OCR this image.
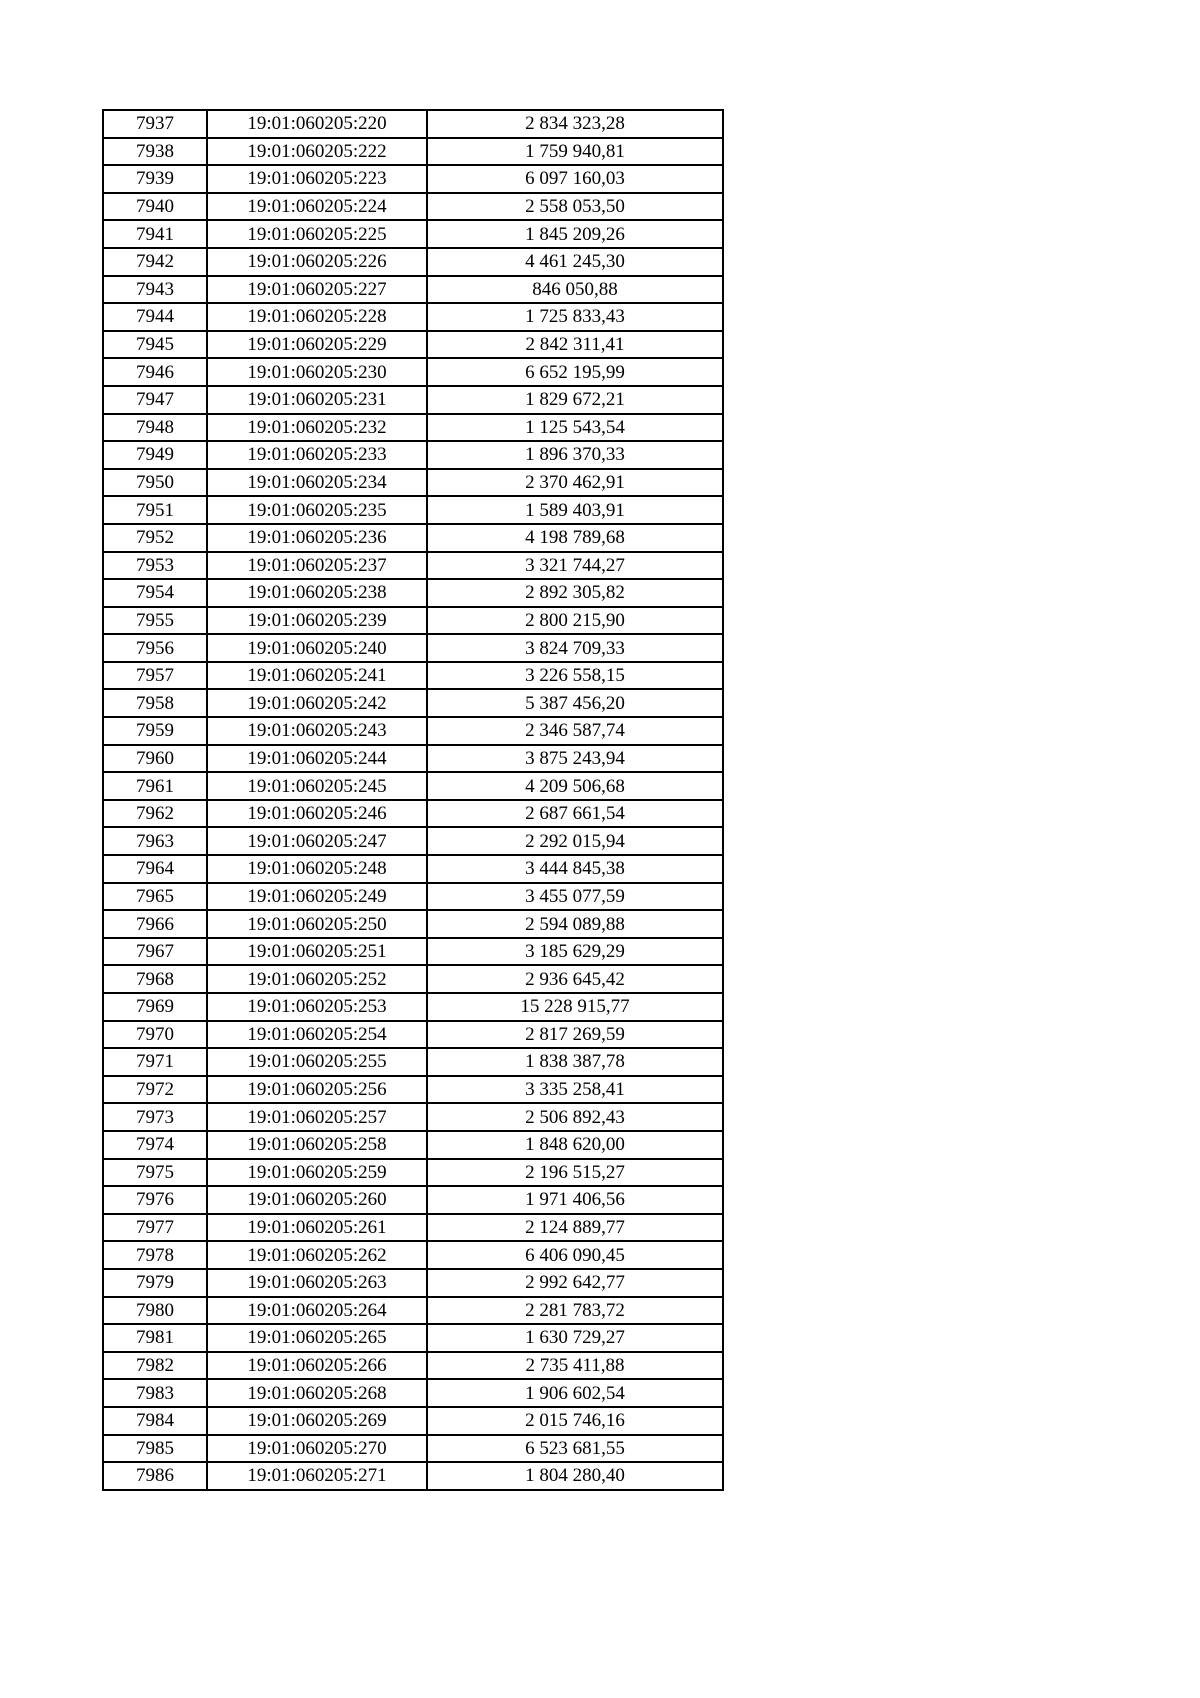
7937	19:01:060205:220	2 834 323,28
7938	19:01:060205:222	1 759 940,81
7939	19:01:060205:223	6 097 160,03
7940	19:01:060205:224	2 558 053,50
7941	19:01:060205:225	1 845 209,26
7942	19:01:060205:226	4 461 245,30
7943	19:01:060205:227	846 050,88
7944	19:01:060205:228	1 725 833,43
7945	19:01:060205:229	2 842 311,41
7946	19:01:060205:230	6 652 195,99
7947	19:01:060205:231	1 829 672,21
7948	19:01:060205:232	1 125 543,54
7949	19:01:060205:233	1 896 370,33
7950	19:01:060205:234	2 370 462,91
7951	19:01:060205:235	1 589 403,91
7952	19:01:060205:236	4 198 789,68
7953	19:01:060205:237	3 321 744,27
7954	19:01:060205:238	2 892 305,82
7955	19:01:060205:239	2 800 215,90
7956	19:01:060205:240	3 824 709,33
7957	19:01:060205:241	3 226 558,15
7958	19:01:060205:242	5 387 456,20
7959	19:01:060205:243	2 346 587,74
7960	19:01:060205:244	3 875 243,94
7961	19:01:060205:245	4 209 506,68
7962	19:01:060205:246	2 687 661,54
7963	19:01:060205:247	2 292 015,94
7964	19:01:060205:248	3 444 845,38
7965	19:01:060205:249	3 455 077,59
7966	19:01:060205:250	2 594 089,88
7967	19:01:060205:251	3 185 629,29
7968	19:01:060205:252	2 936 645,42
7969	19:01:060205:253	15 228 915,77
7970	19:01:060205:254	2 817 269,59
7971	19:01:060205:255	1 838 387,78
7972	19:01:060205:256	3 335 258,41
7973	19:01:060205:257	2 506 892,43
7974	19:01:060205:258	1 848 620,00
7975	19:01:060205:259	2 196 515,27
7976	19:01:060205:260	1 971 406,56
7977	19:01:060205:261	2 124 889,77
7978	19:01:060205:262	6 406 090,45
7979	19:01:060205:263	2 992 642,77
7980	19:01:060205:264	2 281 783,72
7981	19:01:060205:265	1 630 729,27
7982	19:01:060205:266	2 735 411,88
7983	19:01:060205:268	1 906 602,54
7984	19:01:060205:269	2 015 746,16
7985	19:01:060205:270	6 523 681,55
7986	19:01:060205:271	1 804 280,40
